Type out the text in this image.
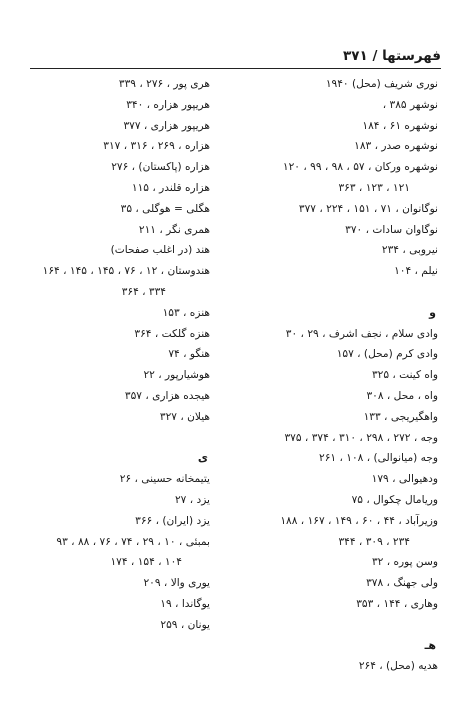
فهرستها / ۳۷۱
نوری شریف (محل) ۱۹۴۰
نوشهر ۳۸۵ ،
نوشهره ۶۱ ، ۱۸۴
نوشهره صدر ، ۱۸۳
نوشهره ورکان ، ۵۷ ، ۹۸ ، ۹۹ ، ۱۲۰
۱۲۱ ، ۱۲۳ ، ۳۶۳
نوگانوان ، ۷۱ ، ۱۵۱ ، ۲۲۴ ، ۳۷۷
نوگاوان سادات ، ۳۷۰
نیروبی ، ۲۳۴
نیلم ، ۱۰۴
و
وادی سلام ، نجف اشرف ، ۲۹ ، ۳۰
وادی کرم (محل) ، ۱۵۷
واه کینت ، ۳۲۵
واه ، محل ، ۳۰۸
واهگیریجی ، ۱۳۳
وجه ، ۲۷۲ ، ۲۹۸ ، ۳۱۰ ، ۳۷۴ ، ۳۷۵
وجه (میانوالی) ، ۱۰۸ ، ۲۶۱
ودهیوالی ، ۱۷۹
وریامال چکوال ، ۷۵
وزیرآباد ، ۴۴ ، ۶۰ ، ۱۴۹ ، ۱۶۷ ، ۱۸۸
۲۳۴ ، ۳۰۹ ، ۳۴۴
وسن پوره ، ۳۲
ولی جهنگ ، ۳۷۸
وهاری ، ۱۴۴ ، ۳۵۳
هـ
هدیه (محل) ، ۲۶۴
هری پور ، ۲۷۶ ، ۳۳۹
هریپور هزاره ، ۳۴۰
هریپور هزاری ، ۳۷۷
هزاره ، ۲۶۹ ، ۳۱۶ ، ۳۱۷
هزاره (پاکستان) ، ۲۷۶
هزاره قلندر ، ۱۱۵
هگلی = هوگلی ، ۳۵
همری نگر ، ۲۱۱
هند (در اغلب صفحات)
هندوستان ، ۱۲ ، ۷۶ ، ۱۴۵ ، ۱۴۵ ، ۱۶۴
۳۳۴ ، ۳۶۴
هنزه ، ۱۵۳
هنزه گلکت ، ۳۶۴
هنگو ، ۷۴
هوشیارپور ، ۲۲
هیجده هزاری ، ۳۵۷
هیلان ، ۳۲۷
ی
یتیمخانه حسینی ، ۲۶
یزد ، ۲۷
یزد (ایران) ، ۳۶۶
بمبئی ، ۱۰ ، ۲۹ ، ۷۴ ، ۷۶ ، ۸۸ ، ۹۳
۱۰۴ ، ۱۵۴ ، ۱۷۴
یوری والا ، ۲۰۹
یوگاندا ، ۱۹
یونان ، ۲۵۹
